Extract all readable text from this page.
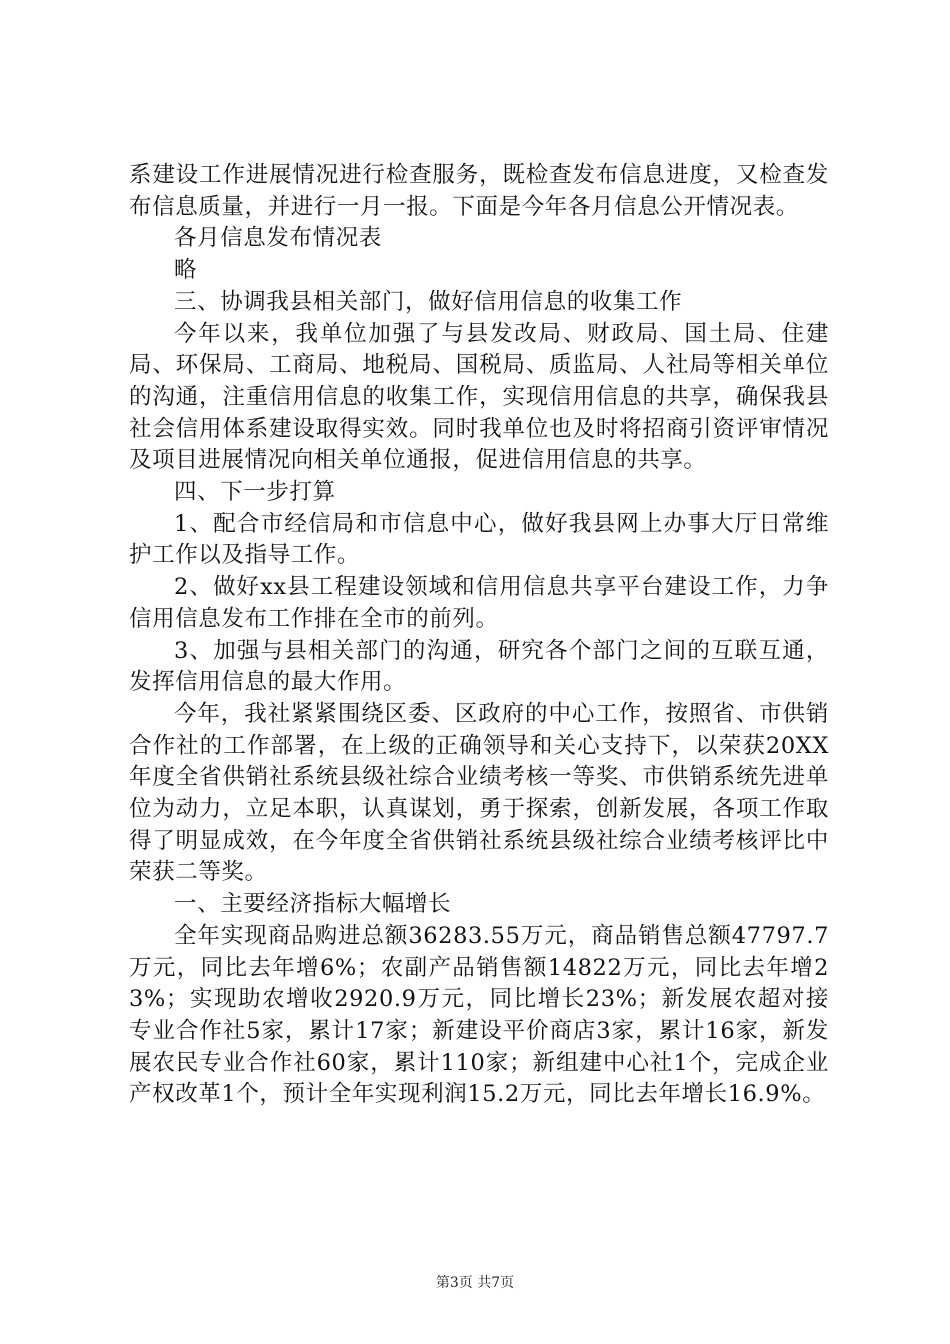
系建设工作进展情况进行检查服务，既检查发布信息进度，又检查发布信息质量，并进行一月一报。下面是今年各月信息公开情况表。

各月信息发布情况表

略

三、协调我县相关部门，做好信用信息的收集工作

今年以来，我单位加强了与县发改局、财政局、国土局、住建局、环保局、工商局、地税局、国税局、质监局、人社局等相关单位的沟通，注重信用信息的收集工作，实现信用信息的共享，确保我县社会信用体系建设取得实效。同时我单位也及时将招商引资评审情况及项目进展情况向相关单位通报，促进信用信息的共享。

四、下一步打算

1、配合市经信局和市信息中心，做好我县网上办事大厅日常维护工作以及指导工作。

2、做好xx县工程建设领域和信用信息共享平台建设工作，力争信用信息发布工作排在全市的前列。

3、加强与县相关部门的沟通，研究各个部门之间的互联互通，发挥信用信息的最大作用。

今年，我社紧紧围绕区委、区政府的中心工作，按照省、市供销合作社的工作部署，在上级的正确领导和关心支持下，以荣获20XX年度全省供销社系统县级社综合业绩考核一等奖、市供销系统先进单位为动力，立足本职，认真谋划，勇于探索，创新发展，各项工作取得了明显成效，在今年度全省供销社系统县级社综合业绩考核评比中荣获二等奖。

一、主要经济指标大幅增长

全年实现商品购进总额36283.55万元，商品销售总额47797.7万元，同比去年增6%；农副产品销售额14822万元，同比去年增23%；实现助农增收2920.9万元，同比增长23%；新发展农超对接专业合作社5家，累计17家；新建设平价商店3家，累计16家，新发展农民专业合作社60家，累计110家；新组建中心社1个，完成企业产权改革1个，预计全年实现利润15.2万元，同比去年增长16.9%。

第3页 共7页
